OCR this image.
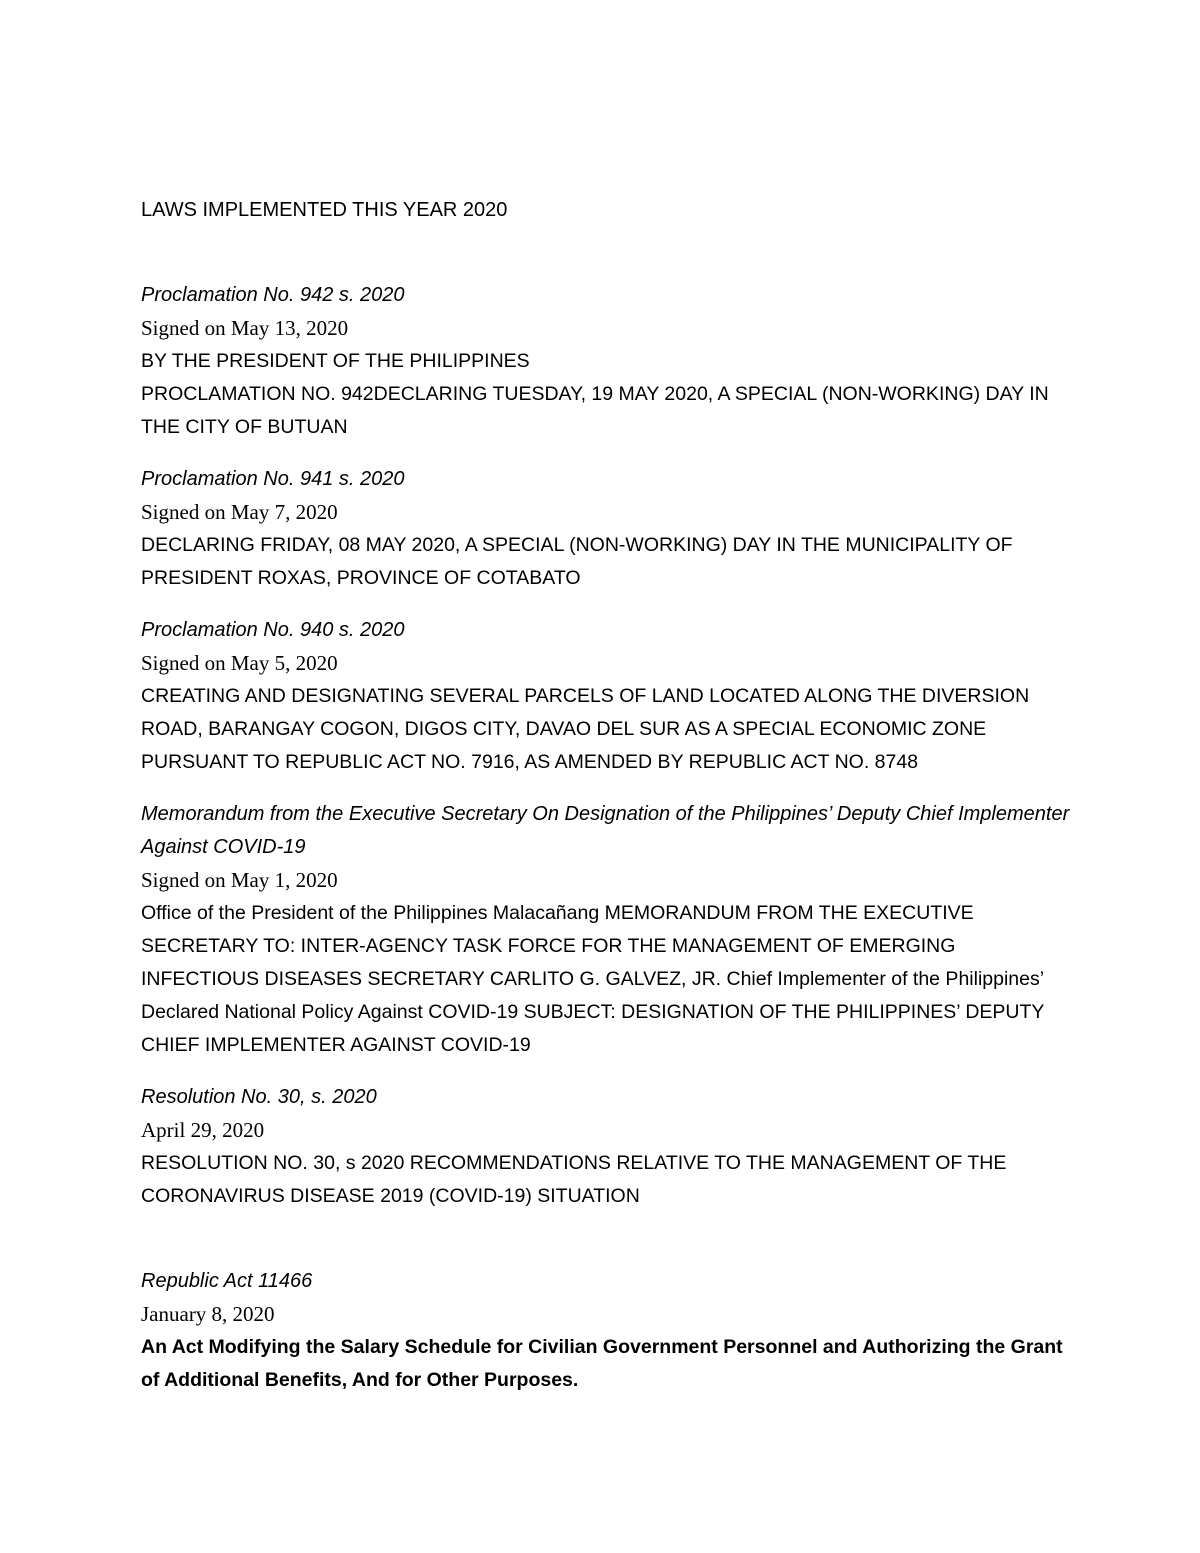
LAWS IMPLEMENTED THIS YEAR 2020

Proclamation No. 942 s. 2020

Signed on May 13, 2020

BY THE PRESIDENT OF THE PHILIPPINES

PROCLAMATION NO. 942DECLARING TUESDAY, 19 MAY 2020, A SPECIAL (NON-WORKING) DAY IN THE CITY OF BUTUAN

Proclamation No. 941 s. 2020

Signed on May 7, 2020

DECLARING FRIDAY, 08 MAY 2020, A SPECIAL (NON-WORKING) DAY IN THE MUNICIPALITY OF PRESIDENT ROXAS, PROVINCE OF COTABATO

Proclamation No. 940 s. 2020

Signed on May 5, 2020

CREATING AND DESIGNATING SEVERAL PARCELS OF LAND LOCATED ALONG THE DIVERSION ROAD, BARANGAY COGON, DIGOS CITY, DAVAO DEL SUR AS A SPECIAL ECONOMIC ZONE PURSUANT TO REPUBLIC ACT NO. 7916, AS AMENDED BY REPUBLIC ACT NO. 8748

Memorandum from the Executive Secretary On Designation of the Philippines’ Deputy Chief Implementer Against COVID-19

Signed on May 1, 2020

Office of the President of the Philippines Malacañang MEMORANDUM FROM THE EXECUTIVE SECRETARY TO: INTER-AGENCY TASK FORCE FOR THE MANAGEMENT OF EMERGING INFECTIOUS DISEASES SECRETARY CARLITO G. GALVEZ, JR. Chief Implementer of the Philippines’ Declared National Policy Against COVID-19 SUBJECT: DESIGNATION OF THE PHILIPPINES’ DEPUTY CHIEF IMPLEMENTER AGAINST COVID-19

Resolution No. 30, s. 2020

April 29, 2020

RESOLUTION NO. 30, s 2020 RECOMMENDATIONS RELATIVE TO THE MANAGEMENT OF THE CORONAVIRUS DISEASE 2019 (COVID-19) SITUATION

Republic Act 11466

January 8, 2020

An Act Modifying the Salary Schedule for Civilian Government Personnel and Authorizing the Grant of Additional Benefits, And for Other Purposes.
